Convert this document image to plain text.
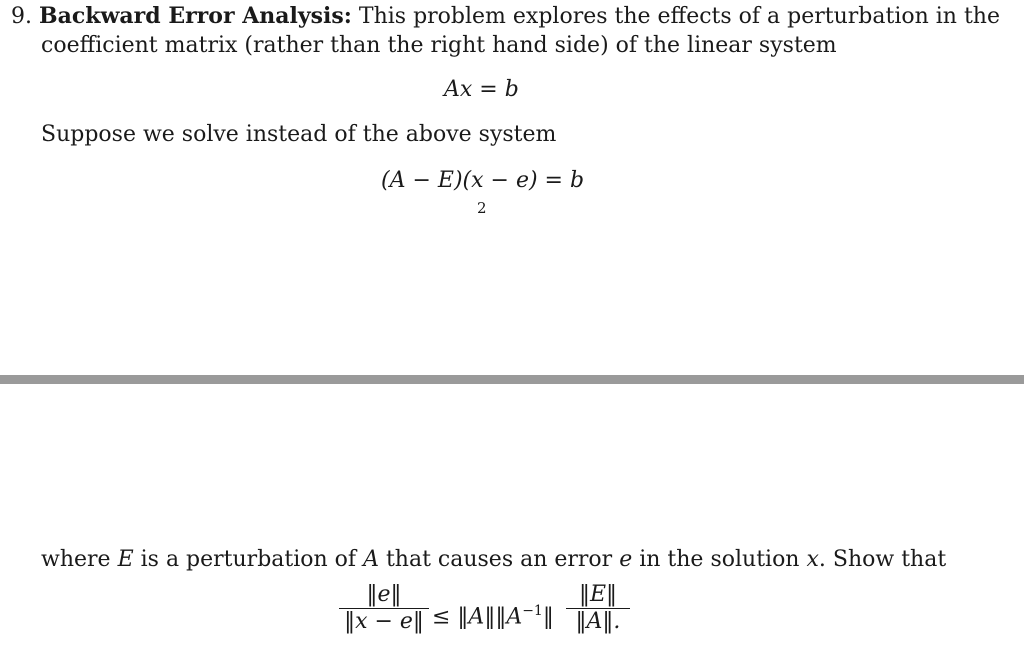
9. Backward Error Analysis: This problem explores the effects of a perturbation in the
coefficient matrix (rather than the right hand side) of the linear system
Ax = b
Suppose we solve instead of the above system
(A − E)(x − e) = b
2
where E is a perturbation of A that causes an error e in the solution x. Show that
‖e‖
‖x − e‖ ≤ $‖A‖‖A^{-1}‖$
‖E‖
‖A‖.
